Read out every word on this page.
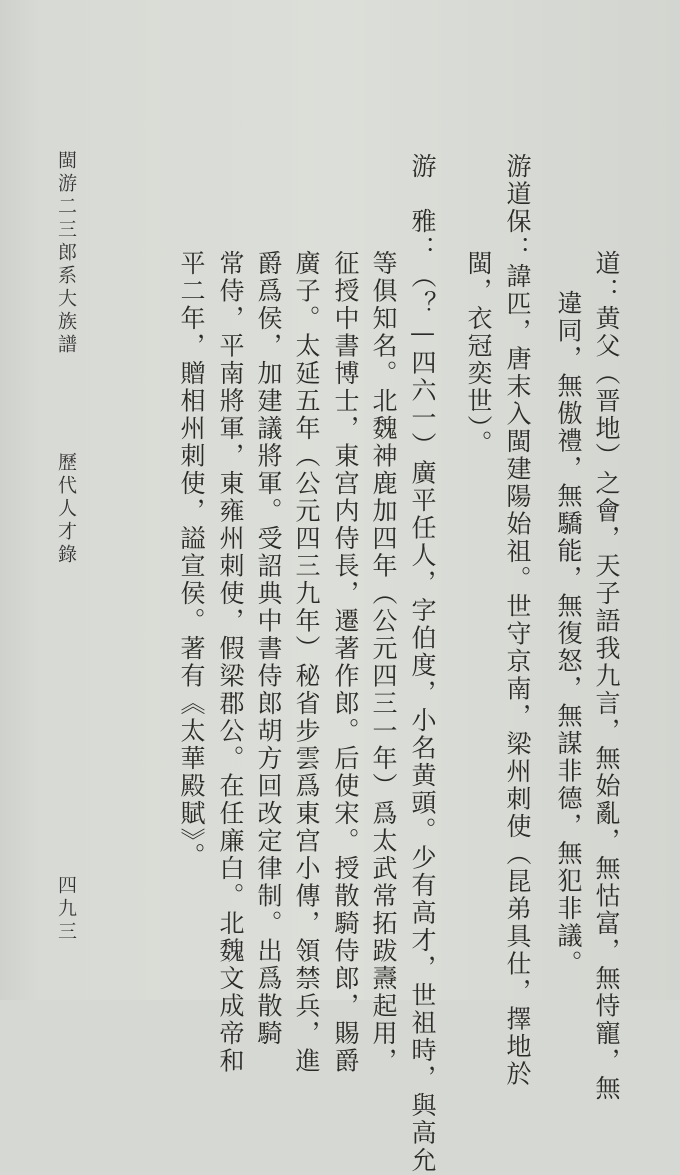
道：黄父（晋地）之會，天子語我九言，無始亂，無怙富，無恃寵，無
違同，無傲禮，無驕能，無復怒，無謀非德，無犯非議。
游道保：諱匹，唐末入閩建陽始祖。世守京南，梁州刺使（昆弟具仕，擇地於
閩，衣冠奕世）。
游　雅：（？—四六一）廣平任人，字伯度，小名黄頭。少有高才，世祖時，與高允
等俱知名。北魏神鹿加四年（公元四三一年）爲太武常拓跋燾起用，
征授中書博士，東宫内侍長，遷著作郎。后使宋。授散騎侍郎，賜爵
廣子。太延五年（公元四三九年）秘省步雲爲東宫小傳，領禁兵，進
爵爲侯，加建議將軍。受詔典中書侍郎胡方回改定律制。出爲散騎
常侍，平南將軍，東雍州刺使，假梁郡公。在任廉白。北魏文成帝和
平二年，贈相州刺使，謚宣侯。著有《太華殿賦》。
閩游二三郎系大族譜
歷代人才錄
四九三
